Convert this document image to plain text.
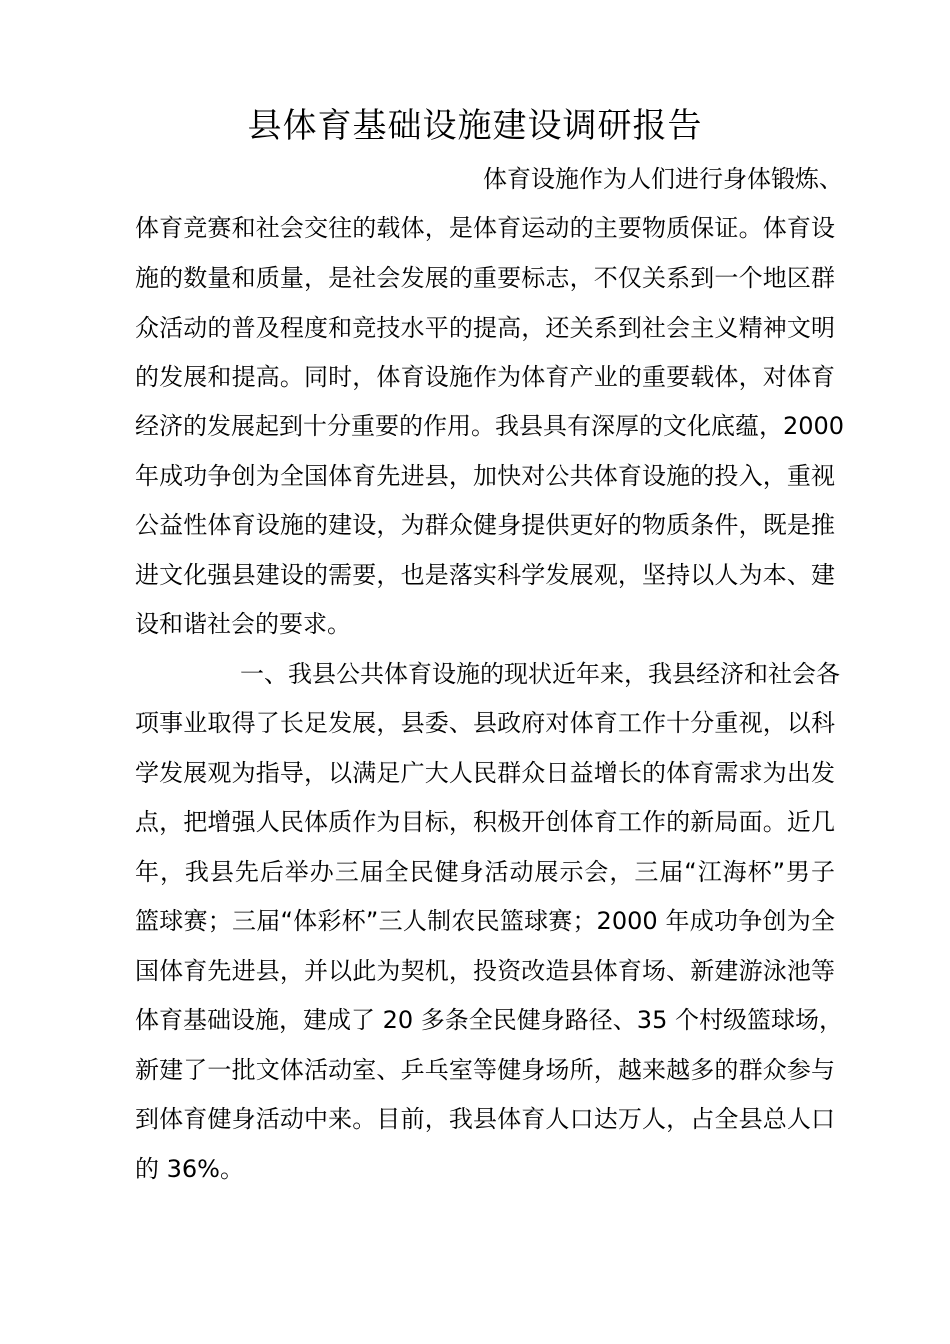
县体育基础设施建设调研报告
体育设施作为人们进行身体锻炼、
体育竞赛和社会交往的载体，是体育运动的主要物质保证。体育设
施的数量和质量，是社会发展的重要标志，不仅关系到一个地区群
众活动的普及程度和竞技水平的提高，还关系到社会主义精神文明
的发展和提高。同时，体育设施作为体育产业的重要载体，对体育
经济的发展起到十分重要的作用。我县具有深厚的文化底蕴，2000
年成功争创为全国体育先进县，加快对公共体育设施的投入，重视
公益性体育设施的建设，为群众健身提供更好的物质条件，既是推
进文化强县建设的需要，也是落实科学发展观，坚持以人为本、建
设和谐社会的要求。
一、我县公共体育设施的现状近年来，我县经济和社会各
项事业取得了长足发展，县委、县政府对体育工作十分重视，以科
学发展观为指导，以满足广大人民群众日益增长的体育需求为出发
点，把增强人民体质作为目标，积极开创体育工作的新局面。近几
年，我县先后举办三届全民健身活动展示会，三届“江海杯”男子
篮球赛；三届“体彩杯”三人制农民篮球赛；2000 年成功争创为全
国体育先进县，并以此为契机，投资改造县体育场、新建游泳池等
体育基础设施，建成了 20 多条全民健身路径、35 个村级篮球场，
新建了一批文体活动室、乒乓室等健身场所，越来越多的群众参与
到体育健身活动中来。目前，我县体育人口达万人，占全县总人口
的 36%。
